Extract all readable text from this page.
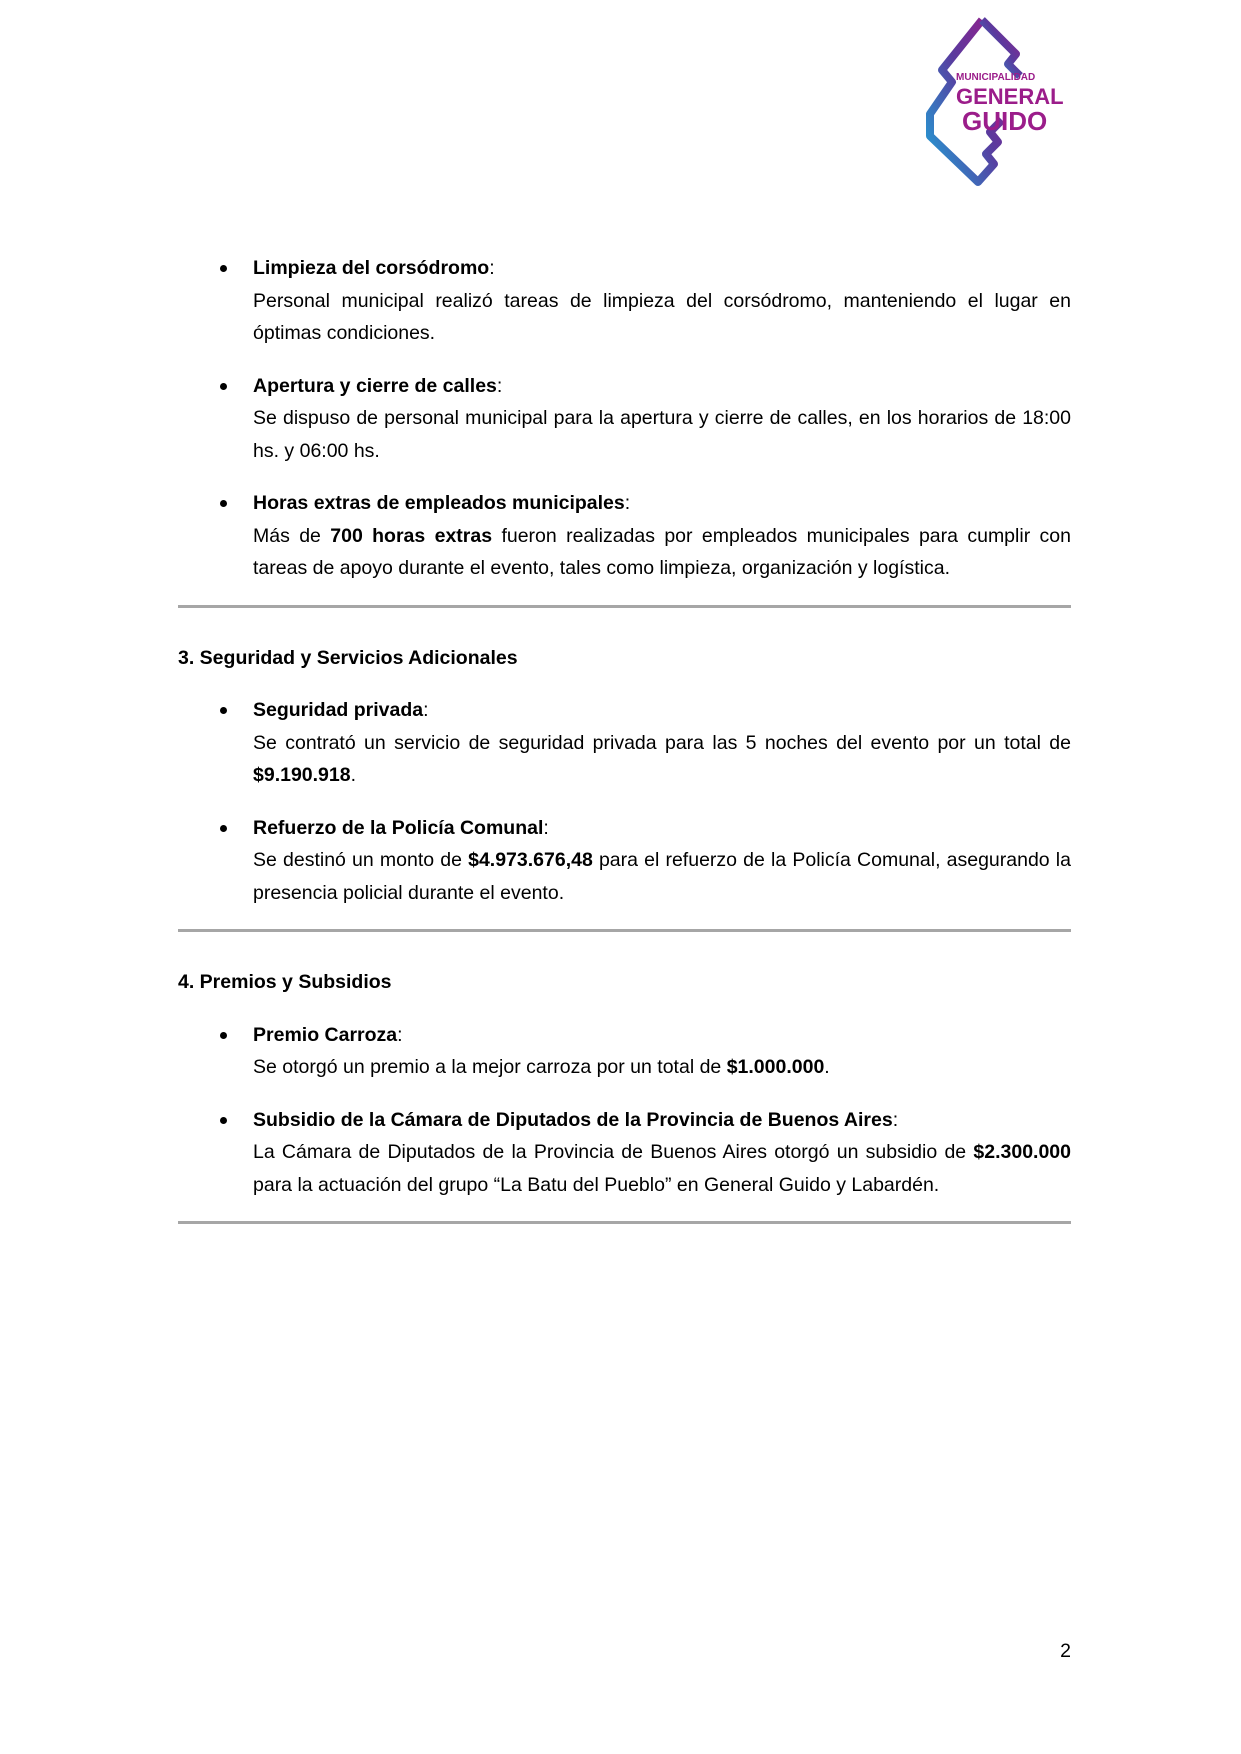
MUNICIPALIDAD
GENERAL
GUIDO
Limpieza del corsódromo:
Personal municipal realizó tareas de limpieza del corsódromo, manteniendo el lugar en óptimas condiciones.
Apertura y cierre de calles:
Se dispuso de personal municipal para la apertura y cierre de calles, en los horarios de 18:00 hs. y 06:00 hs.
Horas extras de empleados municipales:
Más de 700 horas extras fueron realizadas por empleados municipales para cumplir con tareas de apoyo durante el evento, tales como limpieza, organización y logística.
3. Seguridad y Servicios Adicionales
Seguridad privada:
Se contrató un servicio de seguridad privada para las 5 noches del evento por un total de $9.190.918.
Refuerzo de la Policía Comunal:
Se destinó un monto de $4.973.676,48 para el refuerzo de la Policía Comunal, asegurando la presencia policial durante el evento.
4. Premios y Subsidios
Premio Carroza:
Se otorgó un premio a la mejor carroza por un total de $1.000.000.
Subsidio de la Cámara de Diputados de la Provincia de Buenos Aires:
La Cámara de Diputados de la Provincia de Buenos Aires otorgó un subsidio de $2.300.000 para la actuación del grupo “La Batu del Pueblo” en General Guido y Labardén.
2
